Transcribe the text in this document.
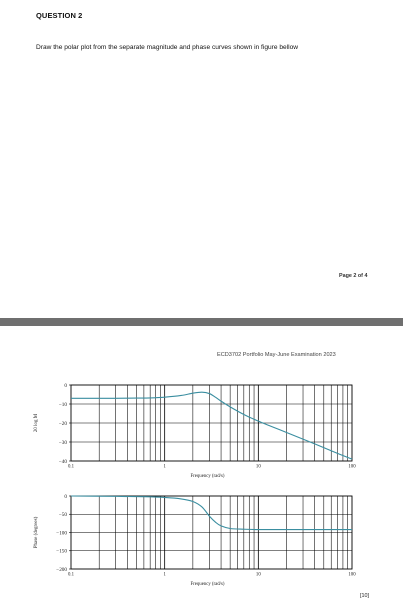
QUESTION 2
Draw the polar plot from the separate magnitude and phase curves shown in figure bellow
Page 2 of 4
ECD3702 Portfolio May-June Examination 2023
0
−10
−20
−30
−40
0.1	1	10	100
Frequency (rad/s)
20 log M
0
−50
−100
−150
−200
0.1	1	10	100
Frequency (rad/s)
Phase (degrees)
[10]
